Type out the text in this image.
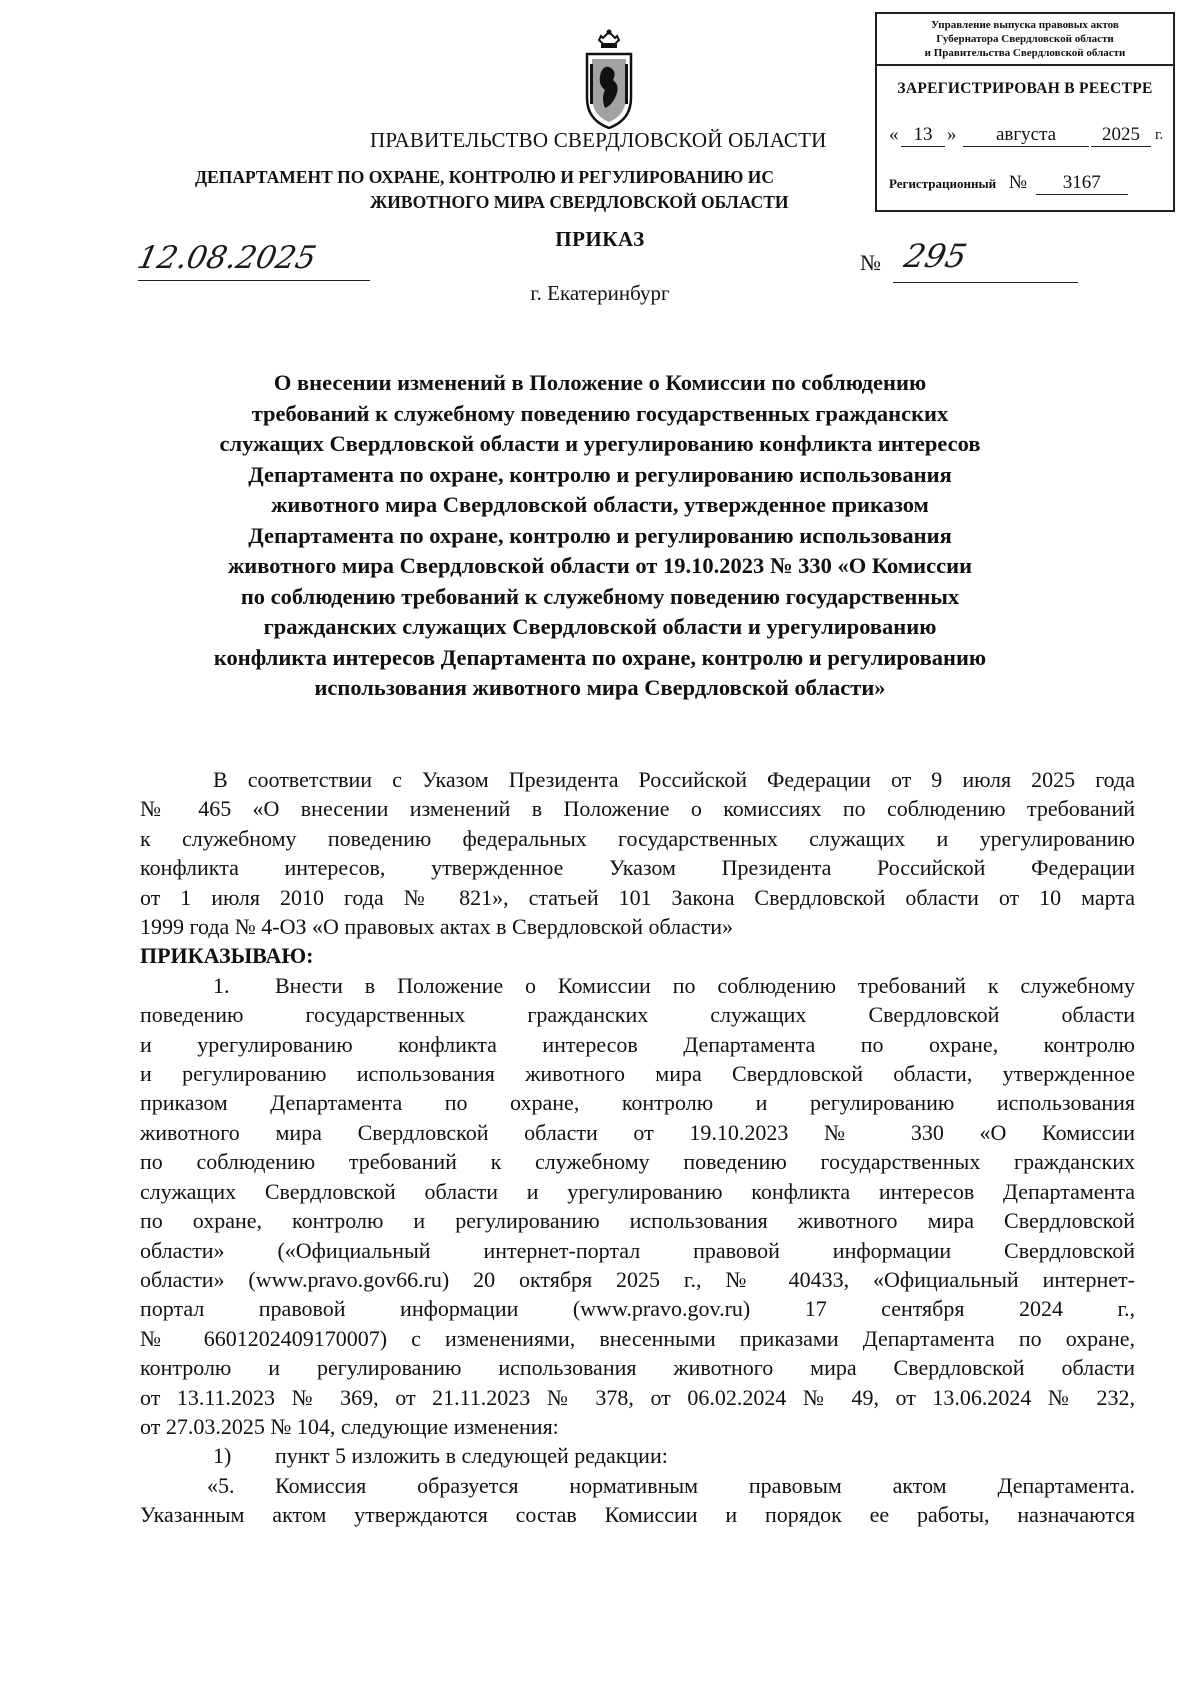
Управление выпуска правовых актов
Губернатора Свердловской области
и Правительства Свердловской области
ЗАРЕГИСТРИРОВАН В РЕЕСТРЕ
« 13 »	августа	2025	г.
Регистрационный № 3167
ПРАВИТЕЛЬСТВО СВЕРДЛОВСКОЙ ОБЛАСТИ
ДЕПАРТАМЕНТ ПО ОХРАНЕ, КОНТРОЛЮ И РЕГУЛИРОВАНИЮ ИС
ЖИВОТНОГО МИРА СВЕРДЛОВСКОЙ ОБЛАСТИ
ПРИКАЗ
12.08.2025	№ 295
г. Екатеринбург
О внесении изменений в Положение о Комиссии по соблюдению
требований к служебному поведению государственных гражданских
служащих Свердловской области и урегулированию конфликта интересов
Департамента по охране, контролю и регулированию использования
животного мира Свердловской области, утвержденное приказом
Департамента по охране, контролю и регулированию использования
животного мира Свердловской области от 19.10.2023 № 330 «О Комиссии
по соблюдению требований к служебному поведению государственных
гражданских служащих Свердловской области и урегулированию
конфликта интересов Департамента по охране, контролю и регулированию
использования животного мира Свердловской области»
В соответствии с Указом Президента Российской Федерации от 9 июля 2025 года
№ 465 «О внесении изменений в Положение о комиссиях по соблюдению требований
к служебному поведению федеральных государственных служащих и урегулированию
конфликта интересов, утвержденное Указом Президента Российской Федерации
от 1 июля 2010 года № 821», статьей 101 Закона Свердловской области от 10 марта
1999 года № 4-ОЗ «О правовых актах в Свердловской области»
ПРИКАЗЫВАЮ:
1. Внести в Положение о Комиссии по соблюдению требований к служебному
поведению государственных гражданских служащих Свердловской области
и урегулированию конфликта интересов Департамента по охране, контролю
и регулированию использования животного мира Свердловской области, утвержденное
приказом Департамента по охране, контролю и регулированию использования
животного мира Свердловской области от 19.10.2023 № 330 «О Комиссии
по соблюдению требований к служебному поведению государственных гражданских
служащих Свердловской области и урегулированию конфликта интересов Департамента
по охране, контролю и регулированию использования животного мира Свердловской
области» («Официальный интернет-портал правовой информации Свердловской
области» (www.pravo.gov66.ru) 20 октября 2025 г., № 40433, «Официальный интернет-
портал правовой информации (www.pravo.gov.ru) 17 сентября 2024 г.,
№ 6601202409170007) с изменениями, внесенными приказами Департамента по охране,
контролю и регулированию использования животного мира Свердловской области
от 13.11.2023 № 369, от 21.11.2023 № 378, от 06.02.2024 № 49, от 13.06.2024 № 232,
от 27.03.2025 № 104, следующие изменения:
1) пункт 5 изложить в следующей редакции:
«5. Комиссия образуется нормативным правовым актом Департамента.
Указанным актом утверждаются состав Комиссии и порядок ее работы, назначаются
